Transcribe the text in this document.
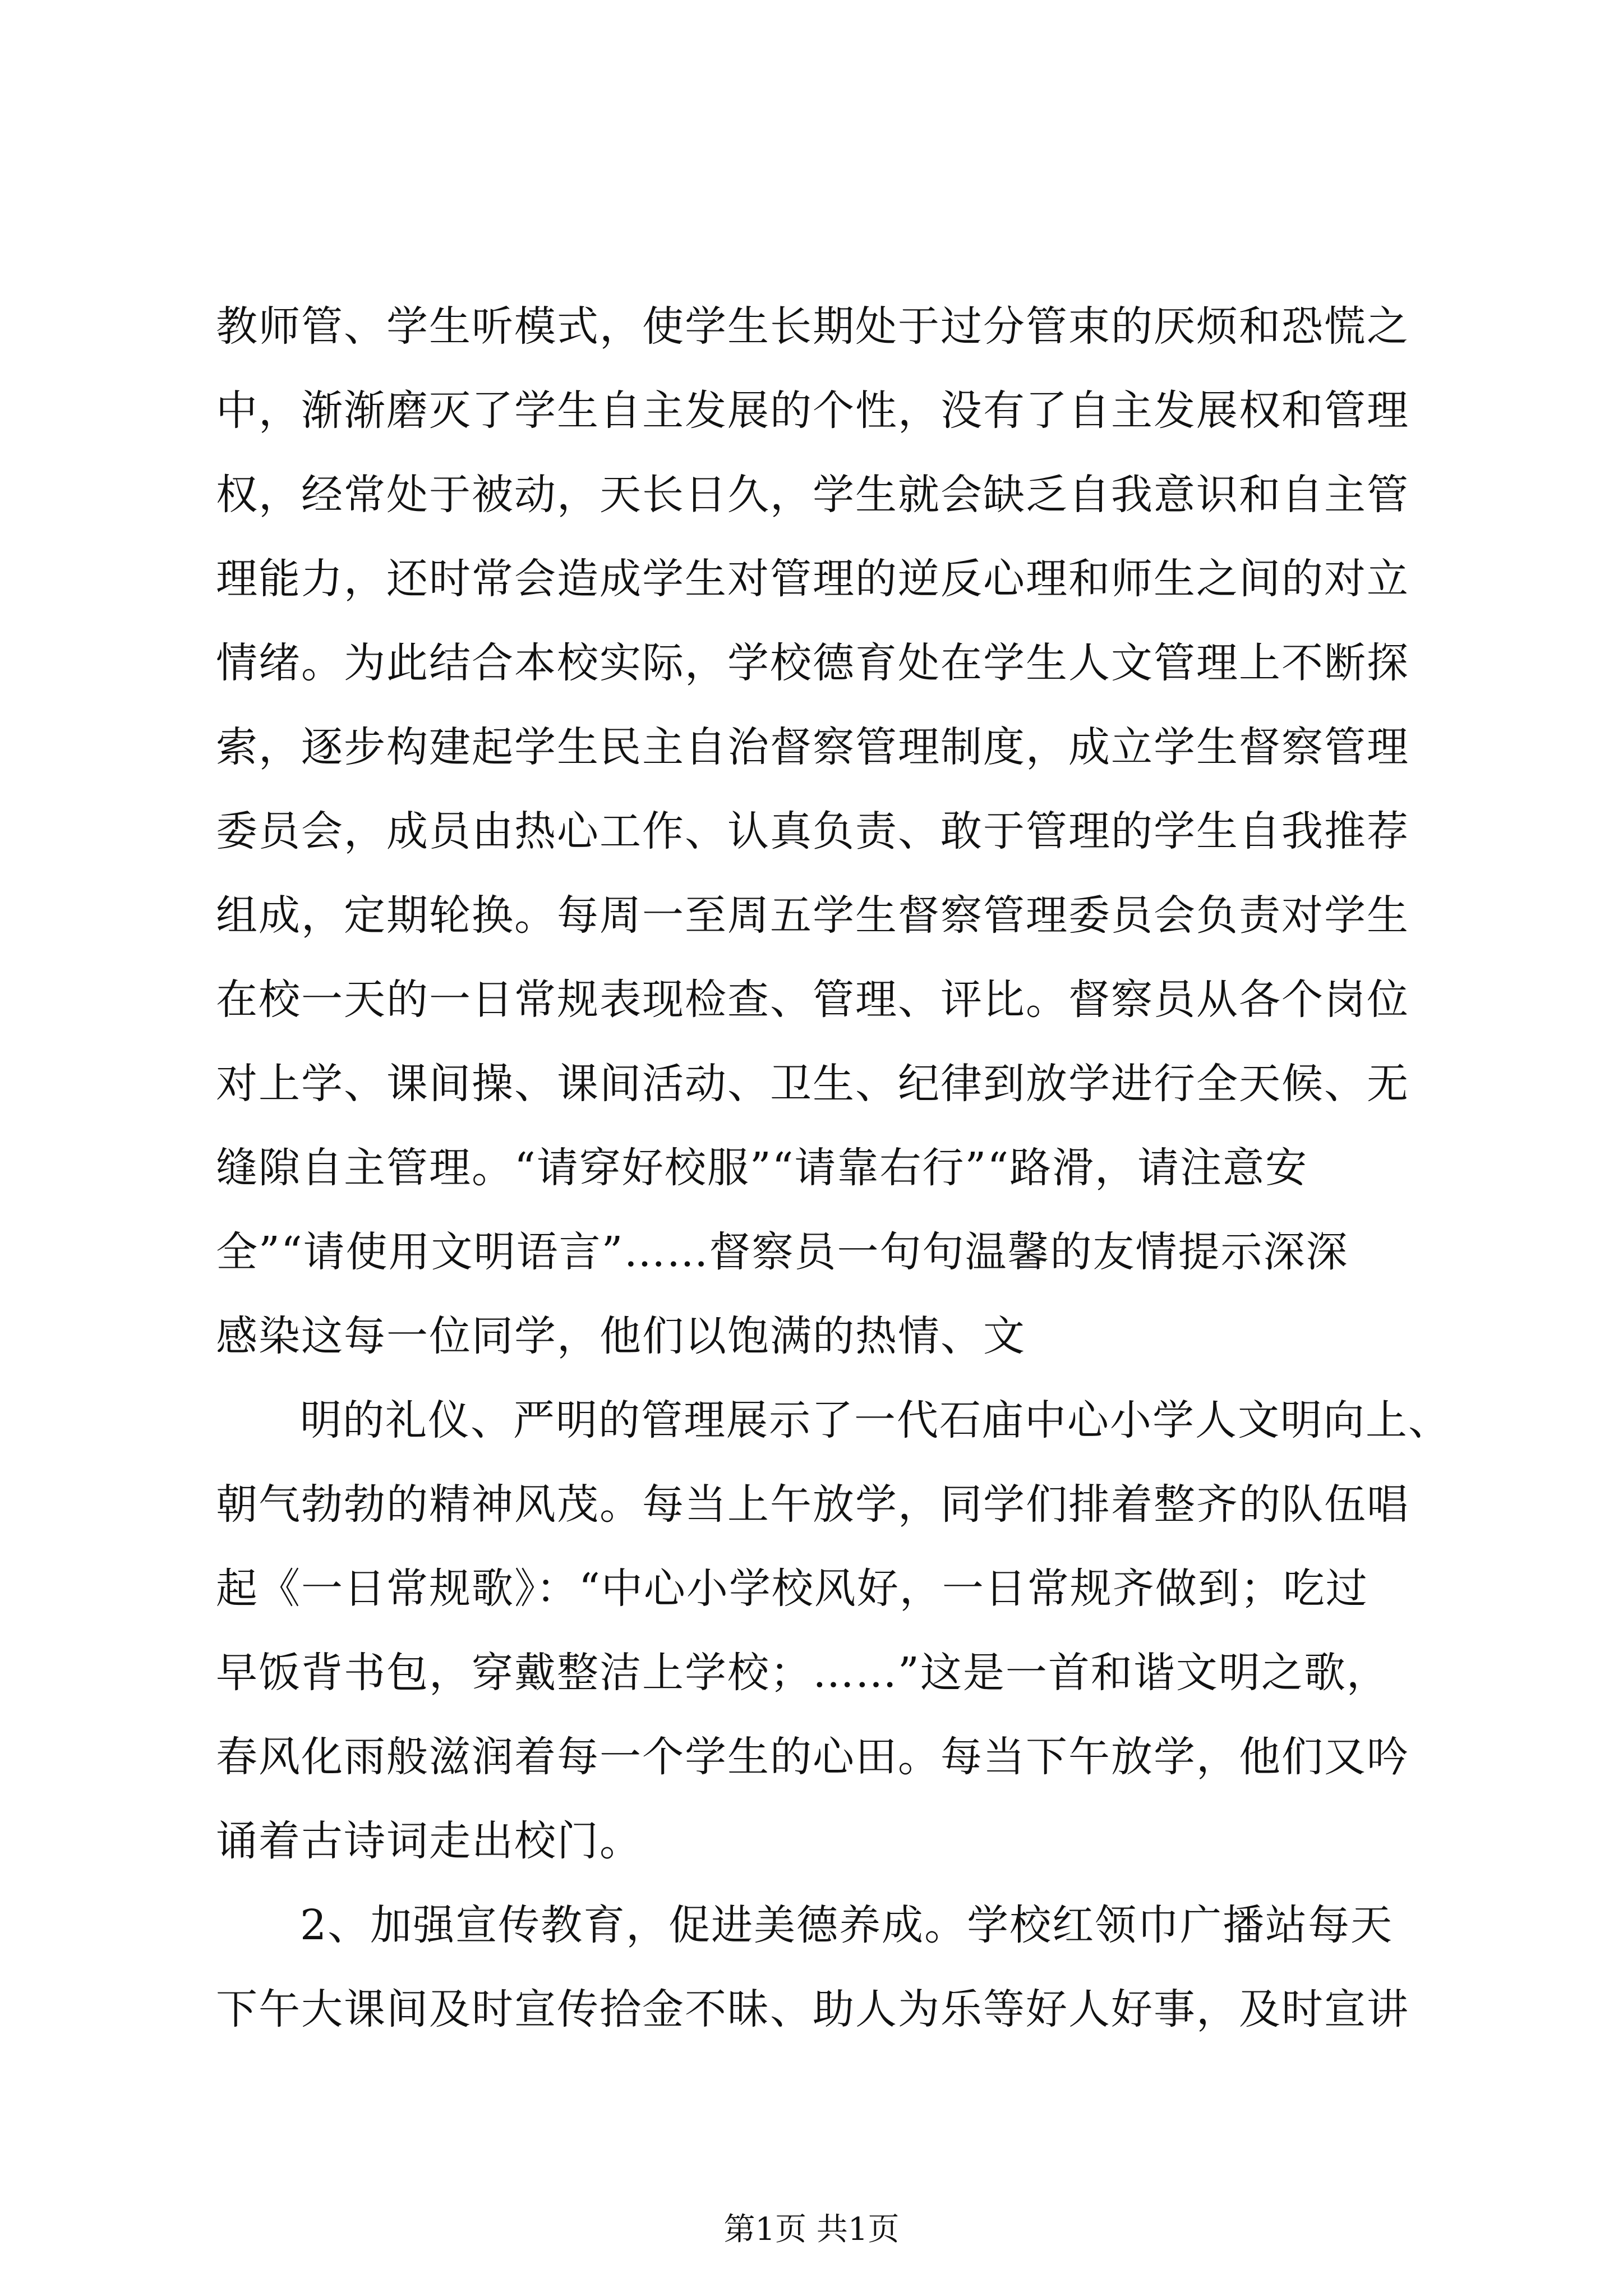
教师管、学生听模式，使学生长期处于过分管束的厌烦和恐慌之
中，渐渐磨灭了学生自主发展的个性，没有了自主发展权和管理
权，经常处于被动，天长日久，学生就会缺乏自我意识和自主管
理能力，还时常会造成学生对管理的逆反心理和师生之间的对立
情绪。为此结合本校实际，学校德育处在学生人文管理上不断探
索，逐步构建起学生民主自治督察管理制度，成立学生督察管理
委员会，成员由热心工作、认真负责、敢于管理的学生自我推荐
组成，定期轮换。每周一至周五学生督察管理委员会负责对学生
在校一天的一日常规表现检查、管理、评比。督察员从各个岗位
对上学、课间操、课间活动、卫生、纪律到放学进行全天候、无
缝隙自主管理。“请穿好校服”“请靠右行”“路滑，请注意安
全”“请使用文明语言”……督察员一句句温馨的友情提示深深
感染这每一位同学，他们以饱满的热情、文
明的礼仪、严明的管理展示了一代石庙中心小学人文明向上、
朝气勃勃的精神风茂。每当上午放学，同学们排着整齐的队伍唱
起《一日常规歌》：“中心小学校风好，一日常规齐做到；吃过
早饭背书包，穿戴整洁上学校；……”这是一首和谐文明之歌，
春风化雨般滋润着每一个学生的心田。每当下午放学，他们又吟
诵着古诗词走出校门。
2、加强宣传教育，促进美德养成。学校红领巾广播站每天
下午大课间及时宣传拾金不昧、助人为乐等好人好事，及时宣讲
第1页 共1页
